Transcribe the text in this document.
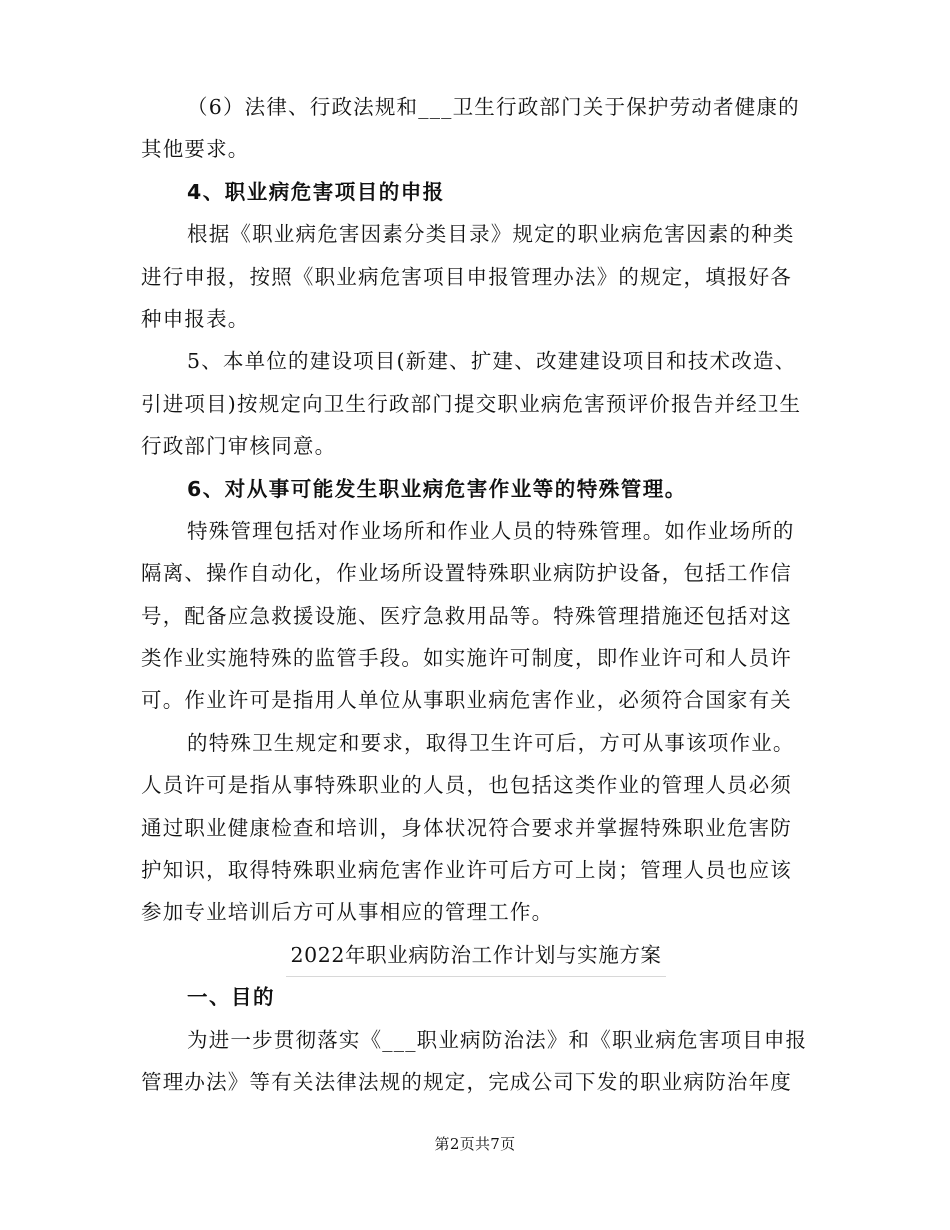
（6）法律、行政法规和___卫生行政部门关于保护劳动者健康的
其他要求。
4、职业病危害项目的申报
根据《职业病危害因素分类目录》规定的职业病危害因素的种类
进行申报，按照《职业病危害项目申报管理办法》的规定，填报好各
种申报表。
5、本单位的建设项目(新建、扩建、改建建设项目和技术改造、
引进项目)按规定向卫生行政部门提交职业病危害预评价报告并经卫生
行政部门审核同意。
6、对从事可能发生职业病危害作业等的特殊管理。
特殊管理包括对作业场所和作业人员的特殊管理。如作业场所的
隔离、操作自动化，作业场所设置特殊职业病防护设备，包括工作信
号，配备应急救援设施、医疗急救用品等。特殊管理措施还包括对这
类作业实施特殊的监管手段。如实施许可制度，即作业许可和人员许
可。作业许可是指用人单位从事职业病危害作业，必须符合国家有关
的特殊卫生规定和要求，取得卫生许可后，方可从事该项作业。
人员许可是指从事特殊职业的人员，也包括这类作业的管理人员必须
通过职业健康检查和培训，身体状况符合要求并掌握特殊职业危害防
护知识，取得特殊职业病危害作业许可后方可上岗；管理人员也应该
参加专业培训后方可从事相应的管理工作。
2022年职业病防治工作计划与实施方案
一、目的
为进一步贯彻落实《___职业病防治法》和《职业病危害项目申报
管理办法》等有关法律法规的规定，完成公司下发的职业病防治年度
第2页共7页
